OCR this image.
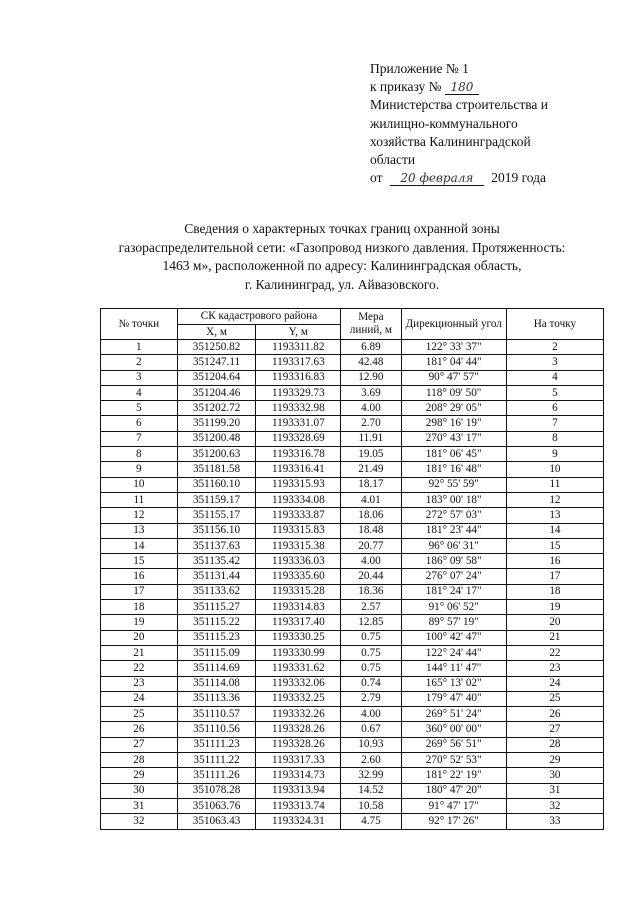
Приложение № 1
к приказу № 180
Министерства строительства и
жилищно-коммунального
хозяйства Калининградской
области
от 20 февраля 2019 года
Сведения о характерных точках границ охранной зоны
газораспределительной сети: «Газопровод низкого давления. Протяженность:
1463 м», расположенной по адресу: Калининградская область,
г. Калининград, ул. Айвазовского.
№ точки	СК кадастрового района		Мера линий, м	Дирекционный угол	На точку
	X, м	Y, м			
1	351250.82	1193311.82	6.89	122° 33' 37"	2
2	351247.11	1193317.63	42.48	181° 04' 44"	3
3	351204.64	1193316.83	12.90	90° 47' 57"	4
4	351204.46	1193329.73	3.69	118° 09' 50"	5
5	351202.72	1193332.98	4.00	208° 29' 05"	6
6	351199.20	1193331.07	2.70	298° 16' 19"	7
7	351200.48	1193328.69	11.91	270° 43' 17"	8
8	351200.63	1193316.78	19.05	181° 06' 45"	9
9	351181.58	1193316.41	21.49	181° 16' 48"	10
10	351160.10	1193315.93	18.17	92° 55' 59"	11
11	351159.17	1193334.08	4.01	183° 00' 18"	12
12	351155.17	1193333.87	18.06	272° 57' 03"	13
13	351156.10	1193315.83	18.48	181° 23' 44"	14
14	351137.63	1193315.38	20.77	96° 06' 31"	15
15	351135.42	1193336.03	4.00	186° 09' 58"	16
16	351131.44	1193335.60	20.44	276° 07' 24"	17
17	351133.62	1193315.28	18.36	181° 24' 17"	18
18	351115.27	1193314.83	2.57	91° 06' 52"	19
19	351115.22	1193317.40	12.85	89° 57' 19"	20
20	351115.23	1193330.25	0.75	100° 42' 47"	21
21	351115.09	1193330.99	0.75	122° 24' 44"	22
22	351114.69	1193331.62	0.75	144° 11' 47"	23
23	351114.08	1193332.06	0.74	165° 13' 02"	24
24	351113.36	1193332.25	2.79	179° 47' 40"	25
25	351110.57	1193332.26	4.00	269° 51' 24"	26
26	351110.56	1193328.26	0.67	360° 00' 00"	27
27	351111.23	1193328.26	10.93	269° 56' 51"	28
28	351111.22	1193317.33	2.60	270° 52' 53"	29
29	351111.26	1193314.73	32.99	181° 22' 19"	30
30	351078.28	1193313.94	14.52	180° 47' 20"	31
31	351063.76	1193313.74	10.58	91° 47' 17"	32
32	351063.43	1193324.31	4.75	92° 17' 26"	33
